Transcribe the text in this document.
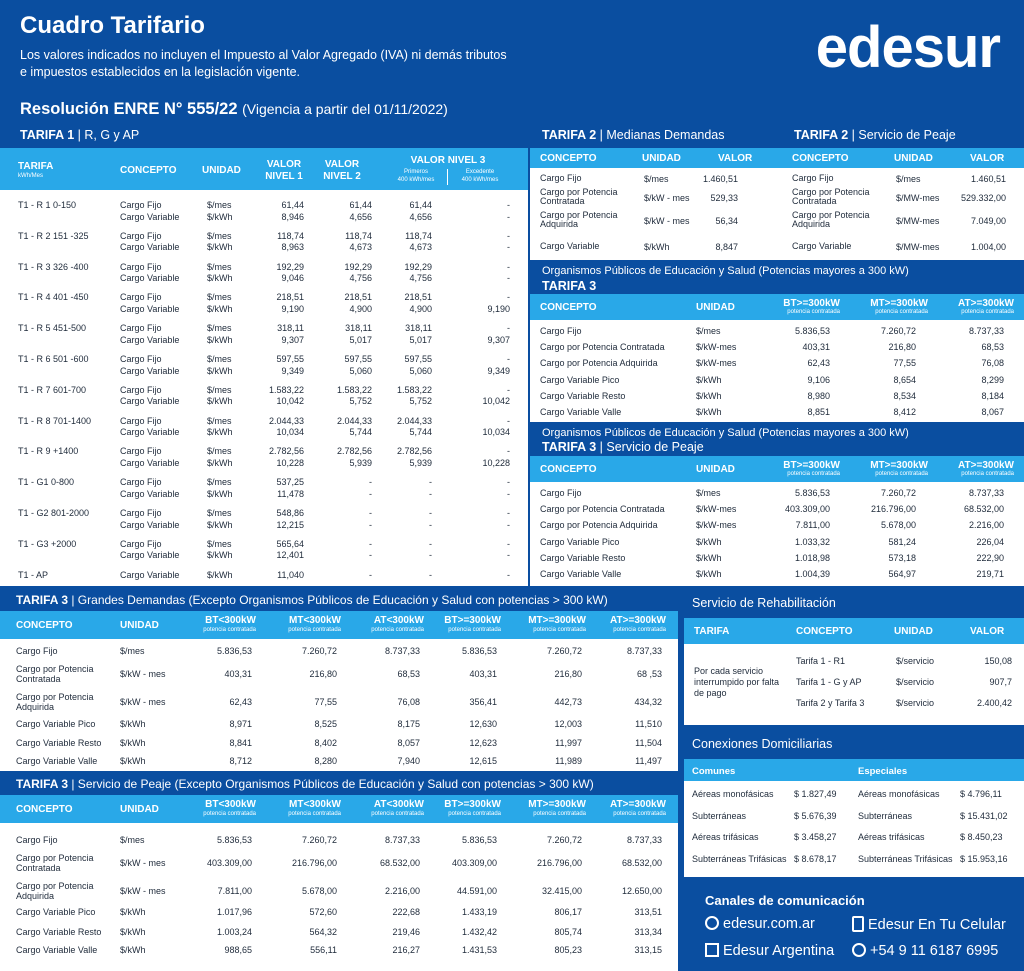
Cuadro Tarifario
Los valores indicados no incluyen el Impuesto al Valor Agregado (IVA) ni demás tributos
e impuestos establecidos en la legislación vigente.	edesur
Resolución ENRE N° 555/22 (Vigencia a partir del 01/11/2022)
TARIFA 1 | R, G y AP
TARIFA
kWh/Mes	CONCEPTO	UNIDAD
VALOR
NIVEL 1
VALOR
NIVEL 2
VALOR NIVEL 3
Primeros
400 kWh/mes
Excedente
400 kWh/mes
T1 - R 1 0-150	Cargo Fijo	$/mes	61,44	61,44	61,44	-
Cargo Variable	$/kWh	8,946	4,656	4,656	-
T1 - R 2 151 -325	Cargo Fijo	$/mes	118,74	118,74	118,74	-
Cargo Variable	$/kWh	8,963	4,673	4,673	-
T1 - R 3 326 -400	Cargo Fijo	$/mes	192,29	192,29	192,29	-
Cargo Variable	$/kWh	9,046	4,756	4,756	-
T1 - R 4 401 -450	Cargo Fijo	$/mes	218,51	218,51	218,51	-
Cargo Variable	$/kWh	9,190	4,900	4,900	9,190
T1 - R 5 451-500	Cargo Fijo	$/mes	318,11	318,11	318,11	-
Cargo Variable	$/kWh	9,307	5,017	5,017	9,307
T1 - R 6 501 -600	Cargo Fijo	$/mes	597,55	597,55	597,55	-
Cargo Variable	$/kWh	9,349	5,060	5,060	9,349
T1 - R 7 601-700	Cargo Fijo	$/mes	1.583,22	1.583,22	1.583,22	-
Cargo Variable	$/kWh	10,042	5,752	5,752	10,042
T1 - R 8 701-1400	Cargo Fijo	$/mes	2.044,33	2.044,33	2.044,33	-
Cargo Variable	$/kWh	10,034	5,744	5,744	10,034
T1 - R 9 +1400	Cargo Fijo	$/mes	2.782,56	2.782,56	2.782,56	-
Cargo Variable	$/kWh	10,228	5,939	5,939	10,228
T1 - G1 0-800	Cargo Fijo	$/mes	537,25	-	-	-
Cargo Variable	$/kWh	11,478	-	-	-
T1 - G2 801-2000	Cargo Fijo	$/mes	548,86	-	-	-
Cargo Variable	$/kWh	12,215	-	-	-
T1 - G3 +2000	Cargo Fijo	$/mes	565,64	-	-	-
Cargo Variable	$/kWh	12,401	-	-	-
T1 - AP	Cargo Variable	$/kWh	11,040	-	-	-
TARIFA 2 | Medianas Demandas	TARIFA 2 | Servicio de Peaje
CONCEPTO	UNIDAD	VALOR	CONCEPTO	UNIDAD	VALOR
Cargo Fijo	$/mes	1.460,51
Cargo por Potencia Contratada	$/kW - mes	529,33
Cargo por Potencia Adquirida	$/kW - mes	56,34
Cargo Variable	$/kWh	8,847
Cargo Fijo	$/mes	1.460,51
Cargo por Potencia Contratada	$/MW-mes	529.332,00
Cargo por Potencia Adquirida	$/MW-mes	7.049,00
Cargo Variable	$/MW-mes	1.004,00
Organismos Públicos de Educación y Salud (Potencias mayores a 300 kW)
TARIFA 3
CONCEPTO	UNIDAD	BT>=300kW
potencia contratada
MT>=300kW
potencia contratada
AT>=300kW
potencia contratada
Cargo Fijo	$/mes	5.836,53	7.260,72	8.737,33
Cargo por Potencia Contratada	$/kW-mes	403,31	216,80	68,53
Cargo por Potencia Adquirida	$/kW-mes	62,43	77,55	76,08
Cargo Variable Pico	$/kWh	9,106	8,654	8,299
Cargo Variable Resto	$/kWh	8,980	8,534	8,184
Cargo Variable Valle	$/kWh	8,851	8,412	8,067
Organismos Públicos de Educación y Salud (Potencias mayores a 300 kW)
TARIFA 3 | Servicio de Peaje
CONCEPTO	UNIDAD	BT>=300kW
potencia contratada
MT>=300kW
potencia contratada
AT>=300kW
potencia contratada
Cargo Fijo	$/mes	5.836,53	7.260,72	8.737,33
Cargo por Potencia Contratada	$/kW-mes	403.309,00	216.796,00	68.532,00
Cargo por Potencia Adquirida	$/kW-mes	7.811,00	5.678,00	2.216,00
Cargo Variable Pico	$/kWh	1.033,32	581,24	226,04
Cargo Variable Resto	$/kWh	1.018,98	573,18	222,90
Cargo Variable Valle	$/kWh	1.004,39	564,97	219,71
TARIFA 3 | Grandes Demandas (Excepto Organismos Públicos de Educación y Salud con potencias > 300 kW)
CONCEPTO	UNIDAD	BT<300kW
potencia contratada
MT<300kW
potencia contratada
AT<300kW
potencia contratada
BT>=300kW
potencia contratada
MT>=300kW
potencia contratada
AT>=300kW
potencia contratada
Cargo Fijo	$/mes	5.836,53	7.260,72	8.737,33	5.836,53	7.260,72	8.737,33
Cargo por Potencia Contratada	$/kW - mes	403,31	216,80	68,53	403,31	216,80	68 ,53
Cargo por Potencia Adquirida	$/kW - mes	62,43	77,55	76,08	356,41	442,73	434,32
Cargo Variable Pico	$/kWh	8,971	8,525	8,175	12,630	12,003	11,510
Cargo Variable Resto	$/kWh	8,841	8,402	8,057	12,623	11,997	11,504
Cargo Variable Valle	$/kWh	8,712	8,280	7,940	12,615	11,989	11,497
TARIFA 3 | Servicio de Peaje (Excepto Organismos Públicos de Educación y Salud con potencias > 300 kW)
CONCEPTO	UNIDAD	BT<300kW
potencia contratada
MT<300kW
potencia contratada
AT<300kW
potencia contratada
BT>=300kW
potencia contratada
MT>=300kW
potencia contratada
AT>=300kW
potencia contratada
Cargo Fijo	$/mes	5.836,53	7.260,72	8.737,33	5.836,53	7.260,72	8.737,33
Cargo por Potencia Contratada	$/kW - mes	403.309,00	216.796,00	68.532,00	403.309,00	216.796,00	68.532,00
Cargo por Potencia Adquirida	$/kW - mes	7.811,00	5.678,00	2.216,00	44.591,00	32.415,00	12.650,00
Cargo Variable Pico	$/kWh	1.017,96	572,60	222,68	1.433,19	806,17	313,51
Cargo Variable Resto	$/kWh	1.003,24	564,32	219,46	1.432,42	805,74	313,34
Cargo Variable Valle	$/kWh	988,65	556,11	216,27	1.431,53	805,23	313,15
Servicio de Rehabilitación
TARIFA	CONCEPTO	UNIDAD	VALOR
Por cada servicio interrumpido por falta de pago
Tarifa 1 - R1	$/servicio	150,08
Tarifa 1 - G y AP	$/servicio	907,7
Tarifa 2 y Tarifa 3	$/servicio	2.400,42
Conexiones Domiciliarias
Comunes	Especiales
Aéreas monofásicas $ 1.827,49
Subterráneas	$ 5.676,39
Aéreas trifásicas	$ 3.458,27
Subterráneas Trifásicas $ 8.678,17
Aéreas monofásicas $ 4.796,11
Subterráneas	$ 15.431,02
Aéreas trifásicas	$ 8.450,23
Subterráneas Trifásicas $ 15.953,16
Canales de comunicación
edesur.com.ar	Edesur En Tu Celular
Edesur Argentina	+54 9 11 6187 6995
